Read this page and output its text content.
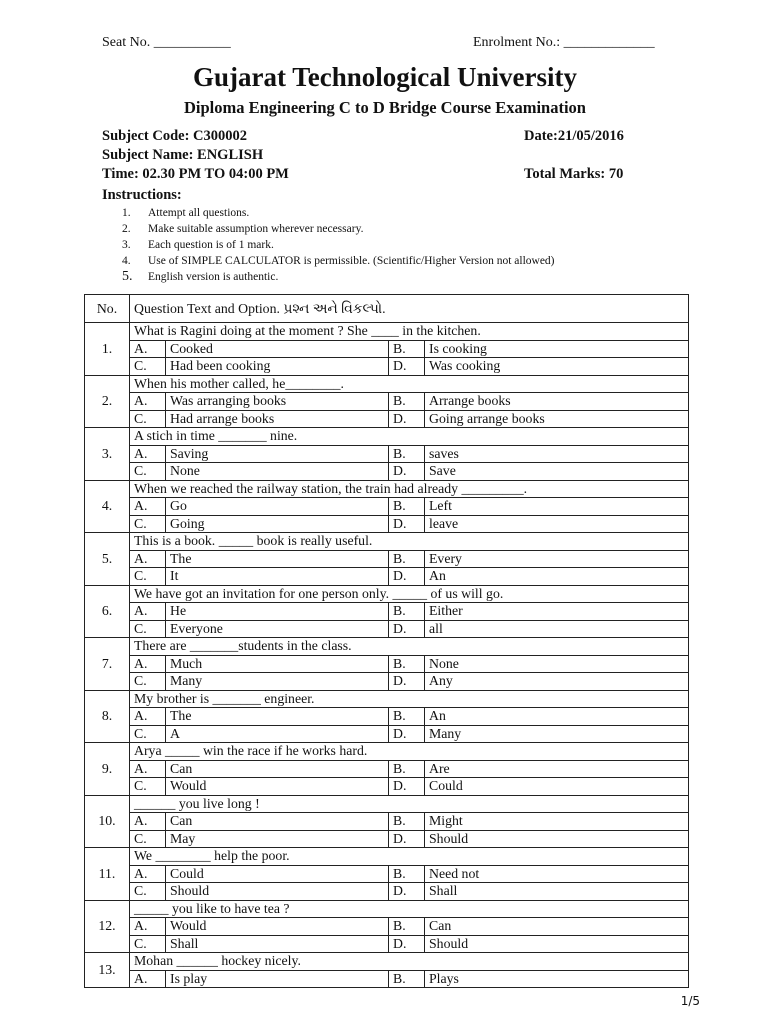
Seat No. ___________	Enrolment No.: _____________
Gujarat Technological University
Diploma Engineering C to D Bridge Course Examination
Subject Code: C300002	Date:21/05/2016
Subject Name: ENGLISH
Time: 02.30 PM TO 04:00 PM	Total Marks: 70
Instructions:
1.	Attempt all questions.
2.	Make suitable assumption wherever necessary.
3.	Each question is of 1 mark.
4.	Use of SIMPLE CALCULATOR is permissible. (Scientific/Higher Version not allowed)
5.	English version is authentic.
No.	Question Text and Option. પ્રશ્ન અને વિકલ્પો.			
1.	What is Ragini doing at the moment ? She ____ in the kitchen.			
	A.	Cooked	B.	Is cooking
	C.	Had been cooking	D.	Was cooking
2.	When his mother called, he________.			
	A.	Was arranging books	B.	Arrange books
	C.	Had arrange books	D.	Going arrange books
3.	A stich in time _______ nine.			
	A.	Saving	B.	saves
	C.	None	D.	Save
4.	When we reached the railway station, the train had already _________.			
	A.	Go	B.	Left
	C.	Going	D.	leave
5.	This is a book. _____ book is really useful.			
	A.	The	B.	Every
	C.	It	D.	An
6.	We have got an invitation for one person only. _____ of us will go.			
	A.	He	B.	Either
	C.	Everyone	D.	all
7.	There are _______students in the class.			
	A.	Much	B.	None
	C.	Many	D.	Any
8.	My brother is _______ engineer.			
	A.	The	B.	An
	C.	A	D.	Many
9.	Arya _____ win the race if he works hard.			
	A.	Can	B.	Are
	C.	Would	D.	Could
10.	______ you live long !			
	A.	Can	B.	Might
	C.	May	D.	Should
11.	We ________ help the poor.			
	A.	Could	B.	Need not
	C.	Should	D.	Shall
12.	_____ you like to have tea ?			
	A.	Would	B.	Can
	C.	Shall	D.	Should
13.	Mohan ______ hockey nicely.			
	A.	Is play	B.	Plays
1/5
